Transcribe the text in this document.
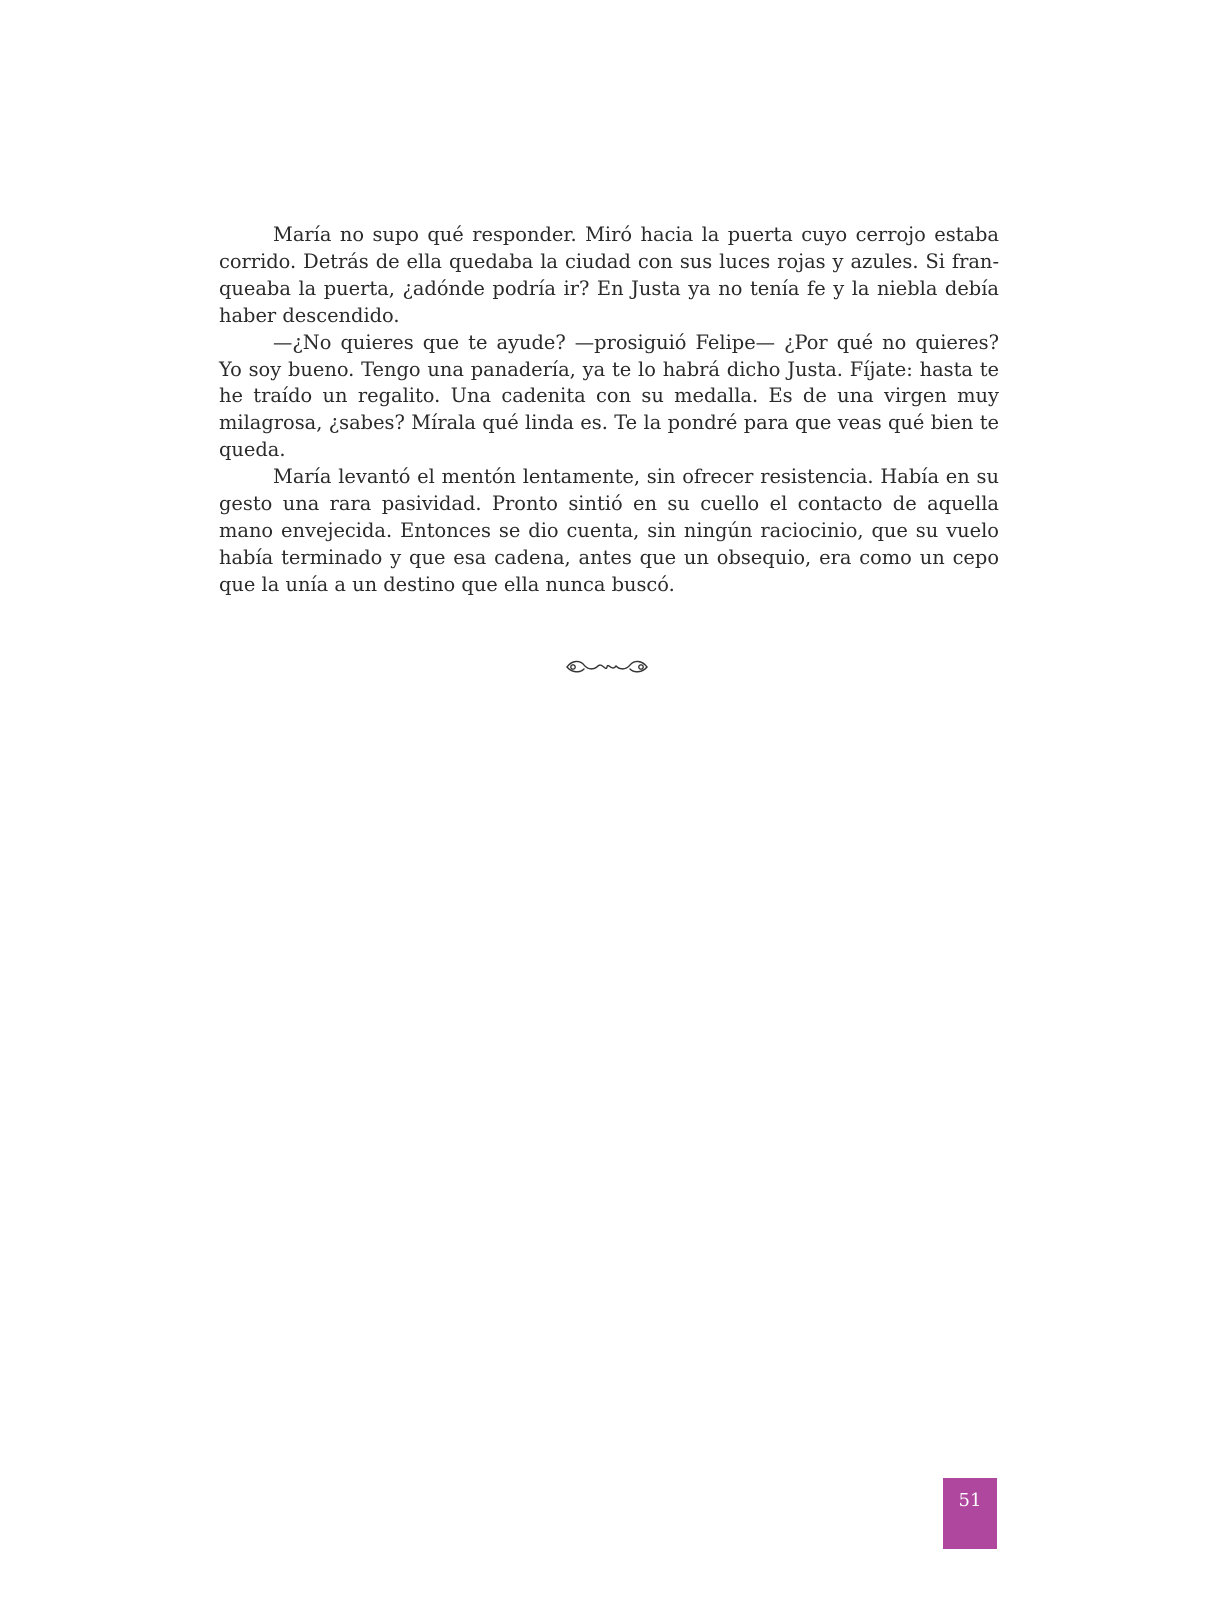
María no supo qué responder. Miró hacia la puerta cuyo cerrojo estaba corrido. Detrás de ella quedaba la ciudad con sus luces rojas y azules. Si franqueaba la puerta, ¿adónde podría ir? En Justa ya no tenía fe y la niebla debía haber descendido.

—¿No quieres que te ayude? —prosiguió Felipe— ¿Por qué no quieres? Yo soy bueno. Tengo una panadería, ya te lo habrá dicho Justa. Fíjate: hasta te he traído un regalito. Una cadenita con su medalla. Es de una virgen muy milagrosa, ¿sabes? Mírala qué linda es. Te la pondré para que veas qué bien te queda.

María levantó el mentón lentamente, sin ofrecer resistencia. Había en su gesto una rara pasividad. Pronto sintió en su cuello el contacto de aquella mano envejecida. Entonces se dio cuenta, sin ningún raciocinio, que su vuelo había terminado y que esa cadena, antes que un obsequio, era como un cepo que la unía a un destino que ella nunca buscó.

51
